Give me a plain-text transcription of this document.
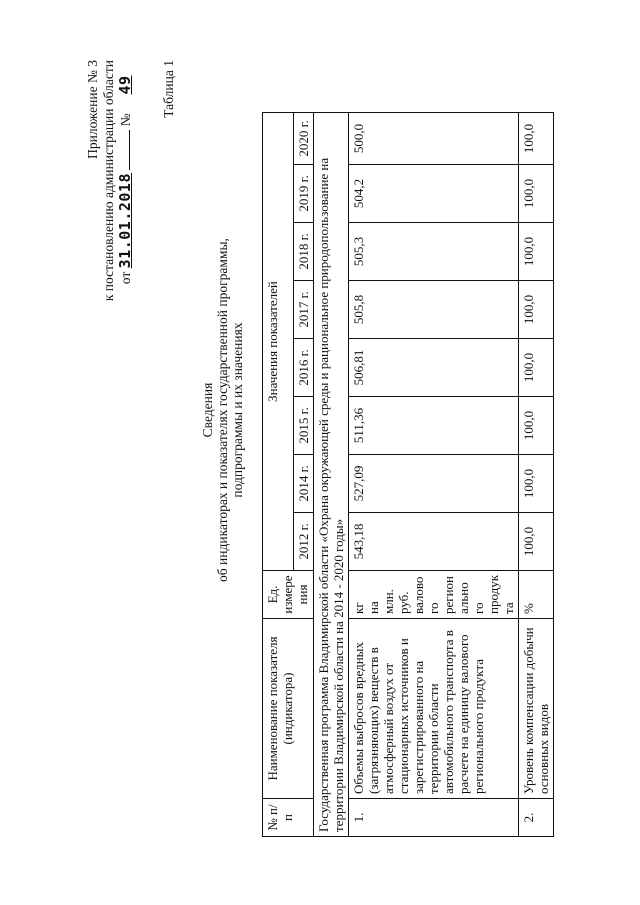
Приложение № 3 к постановлению администрации области от 31.01.2018  № 49 Таблица 1
Сведения об индикаторах и показателях государственной программы, подпрограммы и их значениях
№ п/п	Наименование показателя (индикатора)	Ед. измере ния	Значения показателей							
			2012 г.	2014 г.	2015 г.	2016 г.	2017 г.	2018 г.	2019 г.	2020 г.
Государственная программа Владимирской области «Охрана окружающей среды и рациональное природопользование на территории Владимирской области на 2014 - 2020 годы»										
1.	Объемы выбросов вредных (загрязняющих) веществ в атмосферный воздух от стационарных источников и зарегистрированного на территории области автомобильного транспорта в расчете на единицу валового регионального продукта	кг на млн. руб. валово го регион ально го продук та	543,18	527,09	511,36	506,81	505,8	505,3	504,2	500,0
2.	Уровень компенсации добычи основных видов	%	100,0	100,0	100,0	100,0	100,0	100,0	100,0	100,0
